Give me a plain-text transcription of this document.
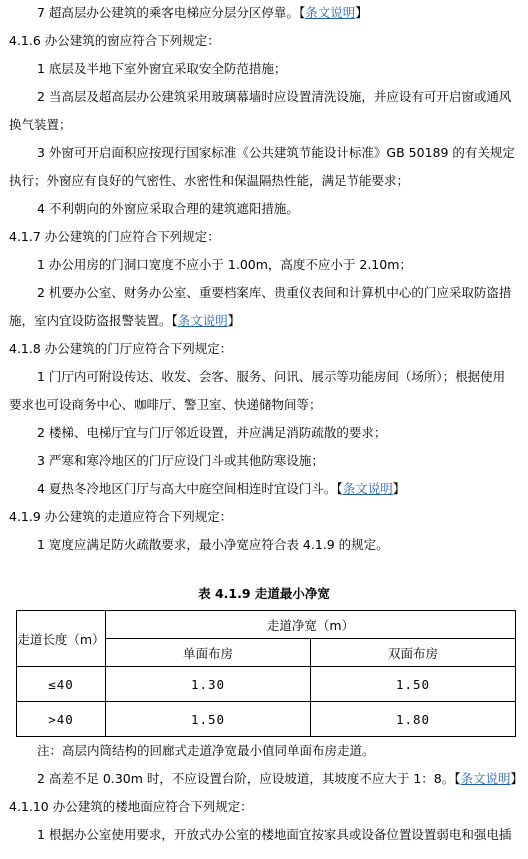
7 超高层办公建筑的乘客电梯应分层分区停靠。【条文说明】
4.1.6 办公建筑的窗应符合下列规定：
1 底层及半地下室外窗宜采取安全防范措施；
2 当高层及超高层办公建筑采用玻璃幕墙时应设置清洗设施，并应设有可开启窗或通风
换气装置；
3 外窗可开启面积应按现行国家标准《公共建筑节能设计标准》GB 50189 的有关规定
执行；外窗应有良好的气密性、水密性和保温隔热性能，满足节能要求；
4 不利朝向的外窗应采取合理的建筑遮阳措施。
4.1.7 办公建筑的门应符合下列规定：
1 办公用房的门洞口宽度不应小于 1.00m，高度不应小于 2.10m；
2 机要办公室、财务办公室、重要档案库、贵重仪表间和计算机中心的门应采取防盗措
施，室内宜设防盗报警装置。【条文说明】
4.1.8 办公建筑的门厅应符合下列规定：
1 门厅内可附设传达、收发、会客、服务、问讯、展示等功能房间（场所）；根据使用
要求也可设商务中心、咖啡厅、警卫室、快递储物间等；
2 楼梯、电梯厅宜与门厅邻近设置，并应满足消防疏散的要求；
3 严寒和寒冷地区的门厅应设门斗或其他防寒设施；
4 夏热冬冷地区门厅与高大中庭空间相连时宜设门斗。【条文说明】
4.1.9 办公建筑的走道应符合下列规定：
1 宽度应满足防火疏散要求，最小净宽应符合表 4.1.9 的规定。
表 4.1.9 走道最小净宽
走道长度（m）	走道净宽（m）	
	单面布房	双面布房
≤40	1.30	1.50
>40	1.50	1.80
注：高层内筒结构的回廊式走道净宽最小值同单面布房走道。
2 高差不足 0.30m 时，不应设置台阶，应设坡道，其坡度不应大于 1：8。【条文说明】
4.1.10 办公建筑的楼地面应符合下列规定：
1 根据办公室使用要求，开放式办公室的楼地面宜按家具或设备位置设置弱电和强电插
